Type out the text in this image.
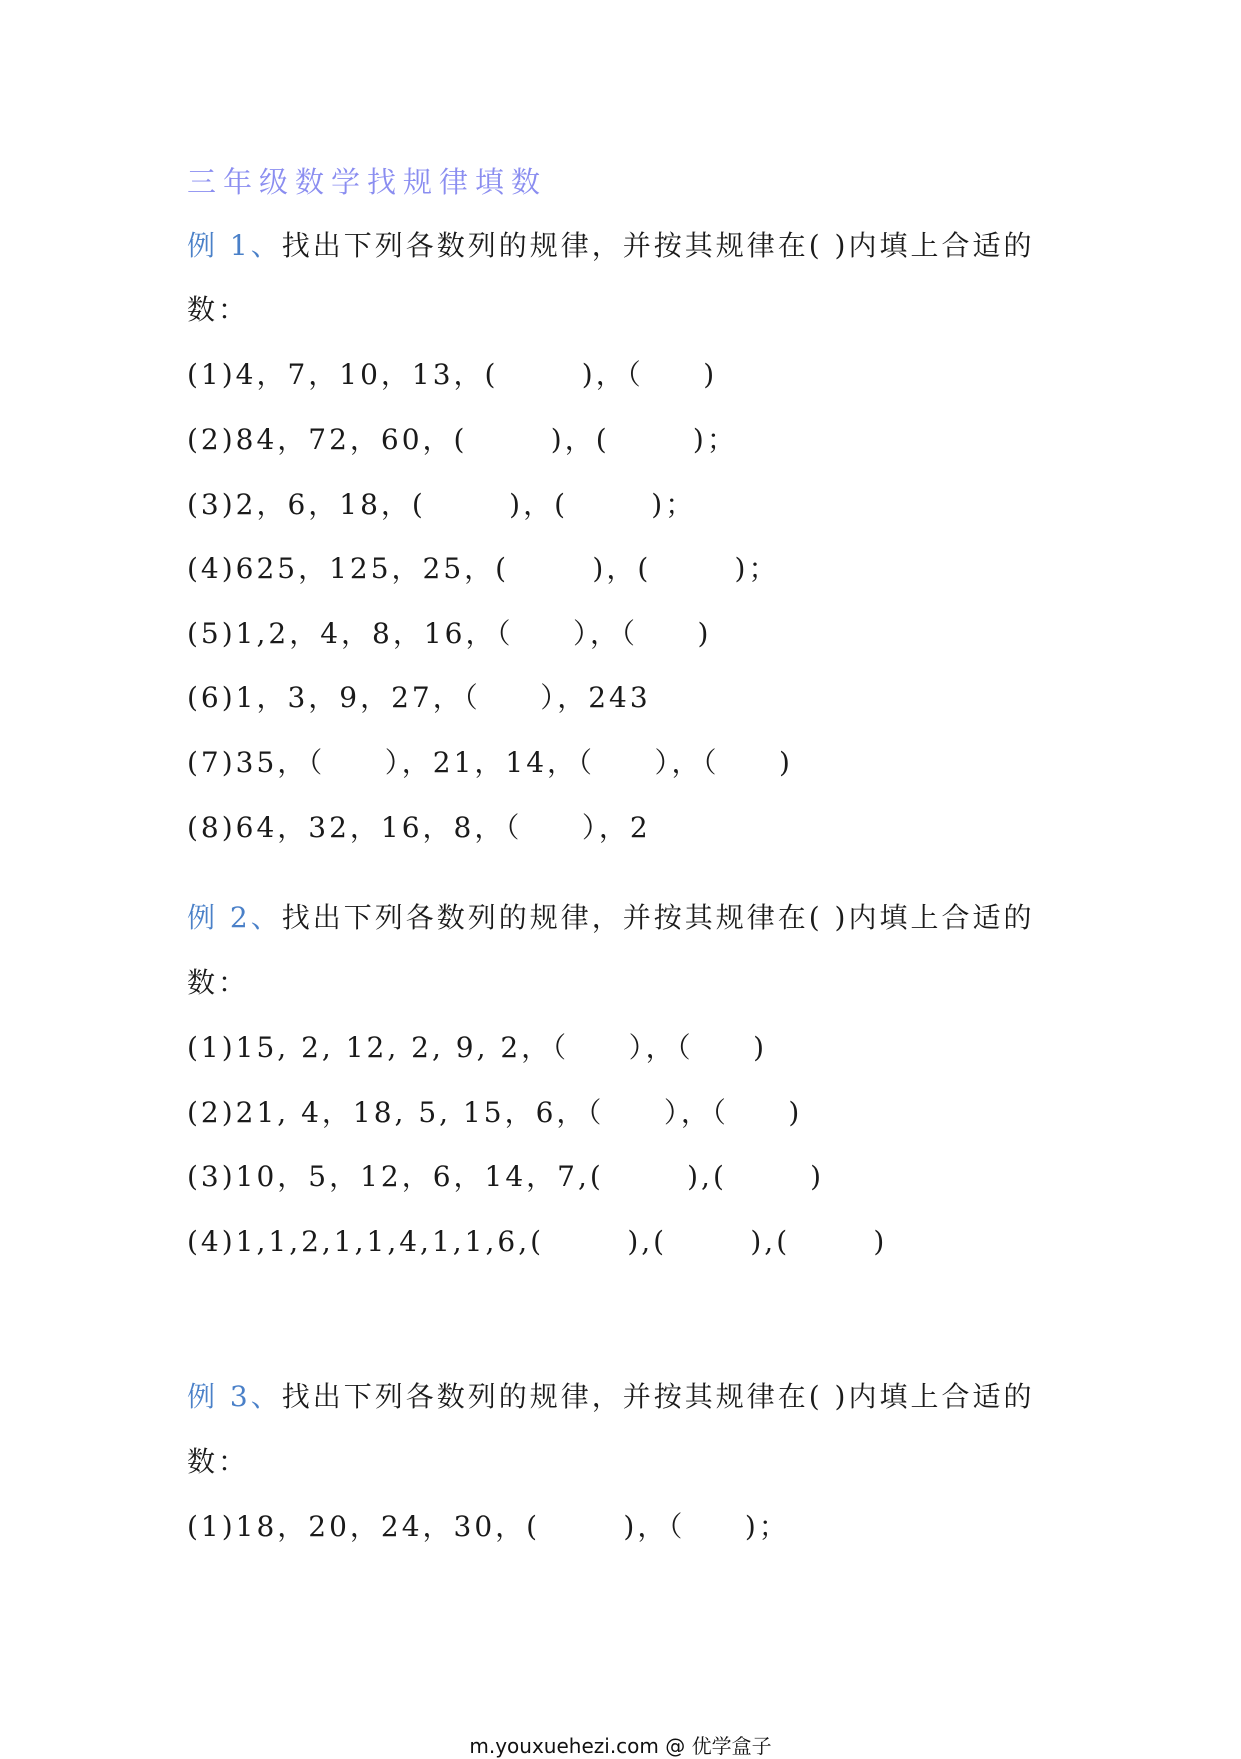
三年级数学找规律填数
例 1、找出下列各数列的规律，并按其规律在( )内填上合适的
数：
(1)4，7，10，13，(       )，（     )
(2)84，72，60，(       )，(       )；
(3)2，6，18，(       )，(       )；
(4)625，125，25，(       )，(       )；
(5)1,2，4，8，16，（     ），（     )
(6)1，3，9，27，（     ），243
(7)35，（     ），21，14，（     ），（     )
(8)64，32，16，8，（     ），2
例 2、找出下列各数列的规律，并按其规律在( )内填上合适的
数：
(1)15, 2, 12, 2, 9, 2，（     ），（     )
(2)21, 4，18, 5, 15，6，（     ），（     )
(3)10，5，12，6，14，7,(       ),(       )
(4)1,1,2,1,1,4,1,1,6,(       ),(       ),(       )
例 3、找出下列各数列的规律，并按其规律在( )内填上合适的
数：
(1)18，20，24，30，(       )，（     )；
m.youxuehezi.com @ 优学盒子
